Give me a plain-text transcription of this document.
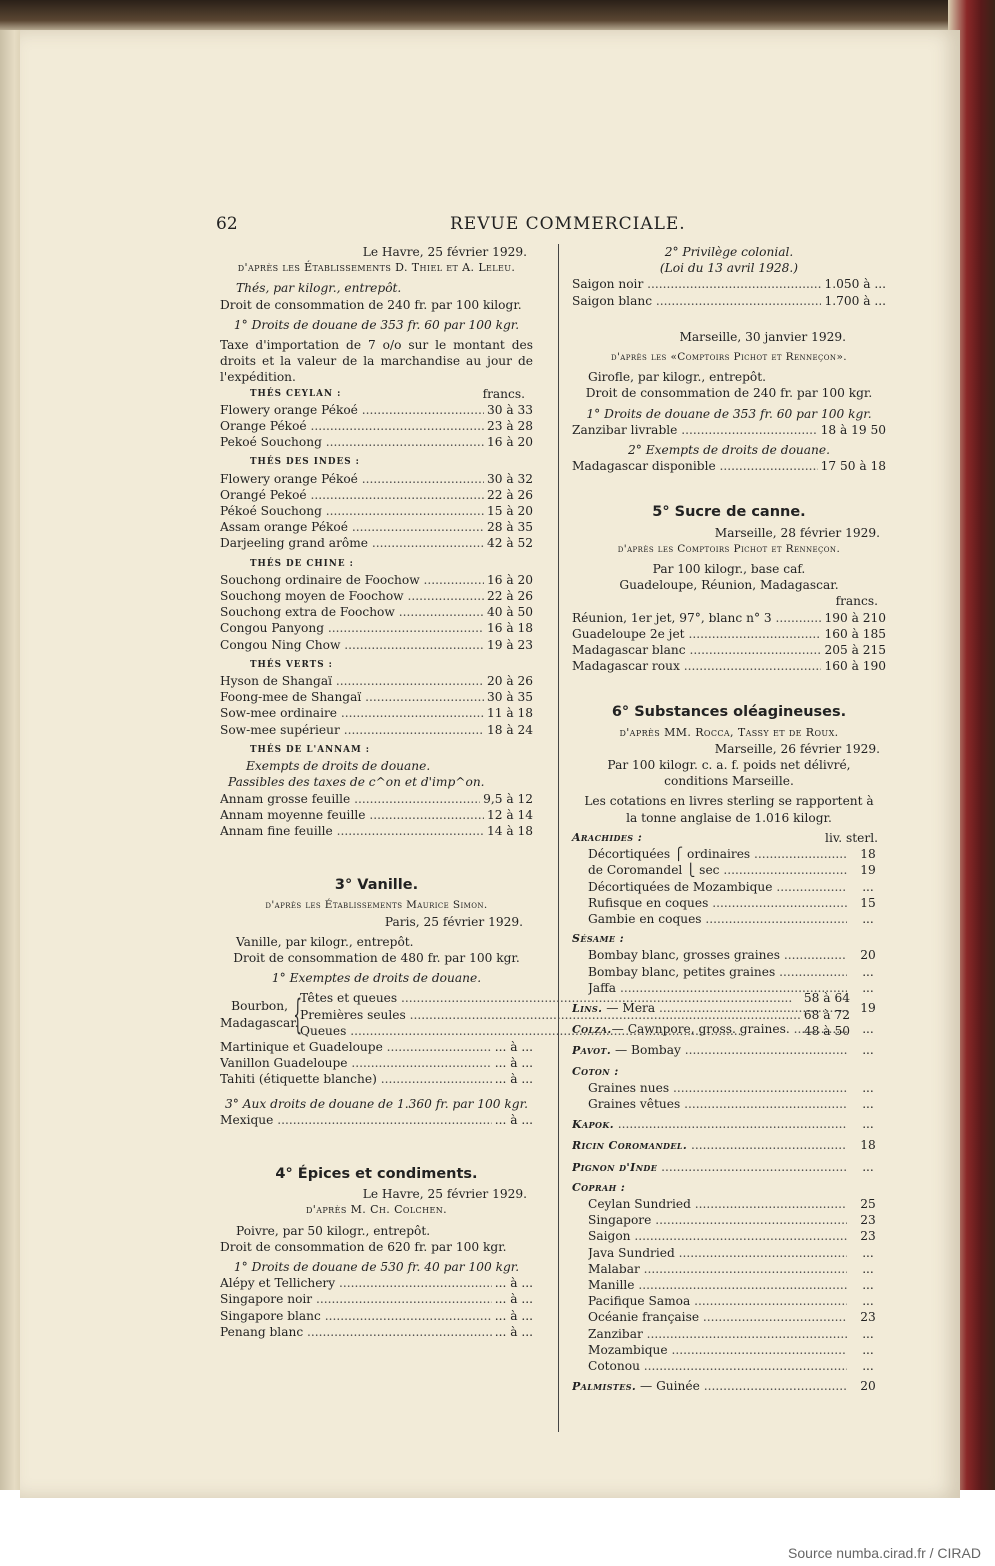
62	REVUE COMMERCIALE.
Le Havre, 25 février 1929.
d'après les Établissements D. Thiel et A. Leleu.
Thés, par kilogr., entrepôt.
Droit de consommation de 240 fr. par 100 kilogr.
1° Droits de douane de 353 fr. 60 par 100 kgr.
Taxe d'importation de 7 o/o sur le montant des droits et la valeur de la marchandise au jour de l'expédition.
THÉS CEYLAN :	francs.
Flowery orange Pékoé .....	30 à 33
Orange Pékoé .....	23 à 28
Pekoé Souchong .....	16 à 20
THÉS DES INDES :
Flowery orange Pékoé .....	30 à 32
Orangé Pekoé .....	22 à 26
Pékoé Souchong .....	15 à 20
Assam orange Pékoé .....	28 à 35
Darjeeling grand arôme .....	42 à 52
THÉS DE CHINE :
Souchong ordinaire de Foochow .....	16 à 20
Souchong moyen de Foochow .....	22 à 26
Souchong extra de Foochow .....	40 à 50
Congou Panyong .....	16 à 18
Congou Ning Chow .....	19 à 23
THÉS VERTS :
Hyson de Shangaï .....	20 à 26
Foong-mee de Shangaï .....	30 à 35
Sow-mee ordinaire .....	11 à 18
Sow-mee supérieur .....	18 à 24
THÉS DE L'ANNAM :
Exempts de droits de douane.
Passibles des taxes de c^on et d'imp^on.
Annam grosse feuille .....	9,5 à 12
Annam moyenne feuille .....	12 à 14
Annam fine feuille .....	14 à 18
3° Vanille.
d'après les Établissements Maurice Simon.
Paris, 25 février 1929.
Vanille, par kilogr., entrepôt.
Droit de consommation de 480 fr. par 100 kgr.
1° Exemptes de droits de douane.
Bourbon, Madagascar.
{
Têtes et queues .....	58 à 64
Premières seules .....	68 à 72
Queues .....	48 à 50
Martinique et Guadeloupe .....	... à ...
Vanillon Guadeloupe .....	... à ...
Tahiti (étiquette blanche) .....	... à ...
3° Aux droits de douane de 1.360 fr. par 100 kgr.
Mexique .....	... à ...
4° Épices et condiments.
Le Havre, 25 février 1929.
d'après M. Ch. Colchen.
Poivre, par 50 kilogr., entrepôt.
Droit de consommation de 620 fr. par 100 kgr.
1° Droits de douane de 530 fr. 40 par 100 kgr.
Alépy et Tellichery .....	... à ...
Singapore noir .....	... à ...
Singapore blanc .....	... à ...
Penang blanc .....	... à ...
2° Privilège colonial.
(Loi du 13 avril 1928.)
Saigon noir .....	1.050 à ...
Saigon blanc .....	1.700 à ...
Marseille, 30 janvier 1929.
d'après les «Comptoirs Pichot et Renneçon».
Girofle, par kilogr., entrepôt.
Droit de consommation de 240 fr. par 100 kgr.
1° Droits de douane de 353 fr. 60 par 100 kgr.
Zanzibar livrable .....	18 à 19 50
2° Exempts de droits de douane.
Madagascar disponible .....	17 50 à 18
5° Sucre de canne.
Marseille, 28 février 1929.
d'après les Comptoirs Pichot et Renneçon.
Par 100 kilogr., base caf. Guadeloupe, Réunion, Madagascar.
francs.
Réunion, 1er jet, 97°, blanc n° 3 .....	190 à 210
Guadeloupe 2e jet .....	160 à 185
Madagascar blanc .....	205 à 215
Madagascar roux .....	160 à 190
6° Substances oléagineuses.
d'après MM. Rocca, Tassy et de Roux.
Marseille, 26 février 1929.
Par 100 kilogr. c. a. f. poids net délivré, conditions Marseille.
Les cotations en livres sterling se rapportent à la tonne anglaise de 1.016 kilogr.
Arachides :	liv. sterl.
Décortiquées ⎧ ordinaires .....	18
de Coromandel ⎩ sec .....	19
Décortiquées de Mozambique .....	...
Rufisque en coques .....	15
Gambie en coques .....	...
Sésame :
Bombay blanc, grosses graines .....	20
Bombay blanc, petites graines .....	...
Jaffa .....	...
Lins. — Mera .....	19
Colza.— Cawnpore, gross. graines. .....	...
Pavot. — Bombay .....	...
Coton :
Graines nues .....	...
Graines vêtues .....	...
Kapok. .....	...
Ricin Coromandel. .....	18
Pignon d'Inde .....	...
Coprah :
Ceylan Sundried .....	25
Singapore .....	23
Saigon .....	23
Java Sundried .....	...
Malabar .....	...
Manille .....	...
Pacifique Samoa .....	...
Océanie française .....	23
Zanzibar .....	...
Mozambique .....	...
Cotonou .....	...
Palmistes. — Guinée .....	20
Source numba.cirad.fr / CIRAD
